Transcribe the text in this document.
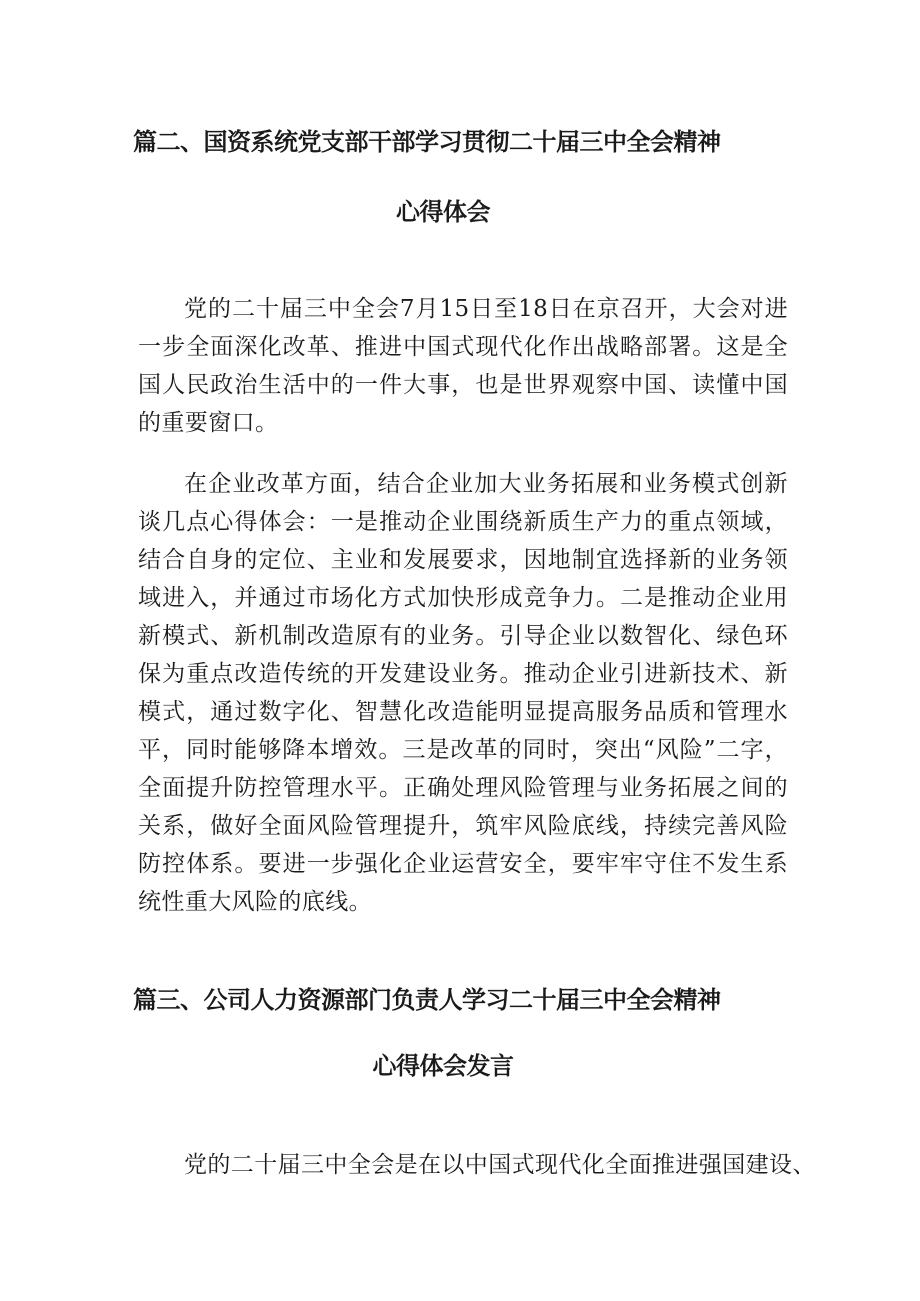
篇二、国资系统党支部干部学习贯彻二十届三中全会精神
心得体会

党的二十届三中全会7月15日至18日在京召开，大会对进一步全面深化改革、推进中国式现代化作出战略部署。这是全国人民政治生活中的一件大事，也是世界观察中国、读懂中国的重要窗口。

在企业改革方面，结合企业加大业务拓展和业务模式创新谈几点心得体会：一是推动企业围绕新质生产力的重点领域，结合自身的定位、主业和发展要求，因地制宜选择新的业务领域进入，并通过市场化方式加快形成竞争力。二是推动企业用新模式、新机制改造原有的业务。引导企业以数智化、绿色环保为重点改造传统的开发建设业务。推动企业引进新技术、新模式，通过数字化、智慧化改造能明显提高服务品质和管理水平，同时能够降本增效。三是改革的同时，突出“风险”二字，全面提升防控管理水平。正确处理风险管理与业务拓展之间的关系，做好全面风险管理提升，筑牢风险底线，持续完善风险防控体系。要进一步强化企业运营安全，要牢牢守住不发生系统性重大风险的底线。

篇三、公司人力资源部门负责人学习二十届三中全会精神
心得体会发言

党的二十届三中全会是在以中国式现代化全面推进强国建设、
